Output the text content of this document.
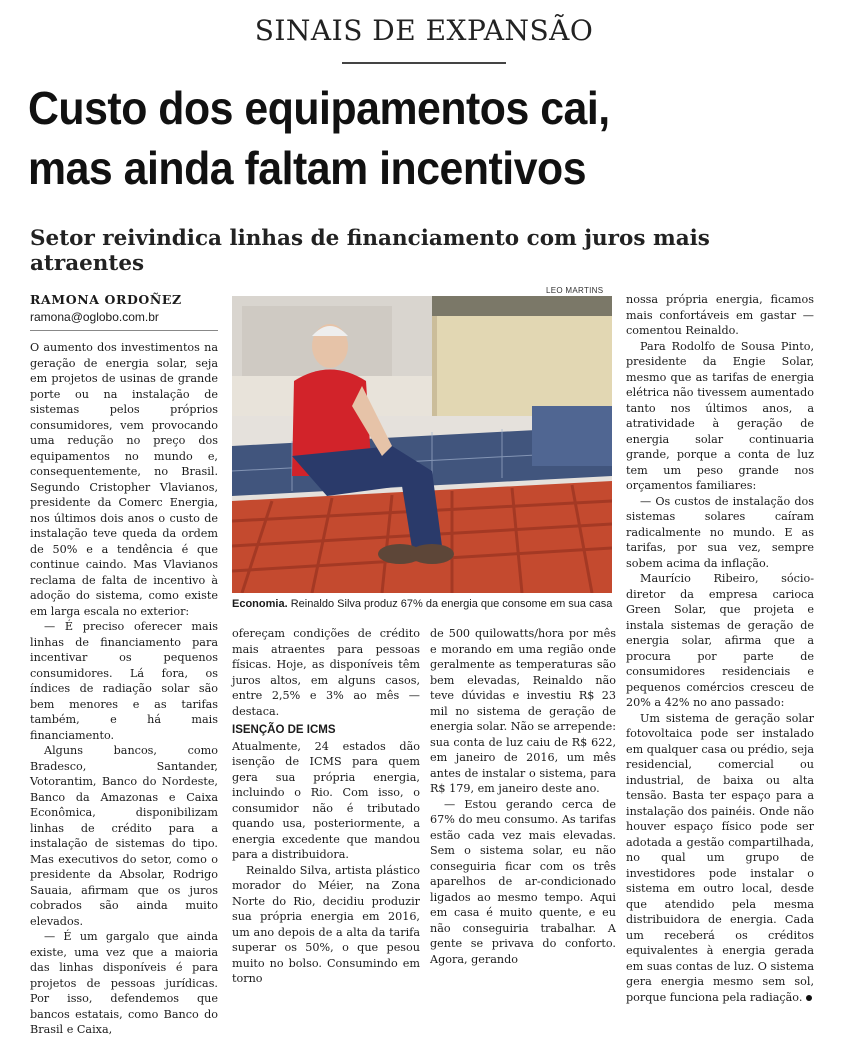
SINAIS DE EXPANSÃO
Custo dos equipamentos cai,
mas ainda faltam incentivos
Setor reivindica linhas de financiamento com juros mais atraentes
RAMONA ORDOÑEZ
ramona@oglobo.com.br

O aumento dos investimentos na geração de energia solar, seja em projetos de usinas de grande porte ou na instalação de sistemas pelos próprios consumidores, vem provocando uma redução no preço dos equipamentos no mundo e, consequentemente, no Brasil. Segundo Cristopher Vlavianos, presidente da Comerc Energia, nos últimos dois anos o custo de instalação teve queda da ordem de 50% e a tendência é que continue caindo. Mas Vlavianos reclama de falta de incentivo à adoção do sistema, como existe em larga escala no exterior:

— É preciso oferecer mais linhas de financiamento para incentivar os pequenos consumidores. Lá fora, os índices de radiação solar são bem menores e as tarifas também, e há mais financiamento.

Alguns bancos, como Bradesco, Santander, Votorantim, Banco do Nordeste, Banco da Amazonas e Caixa Econômica, disponibilizam linhas de crédito para a instalação de sistemas do tipo. Mas executivos do setor, como o presidente da Absolar, Rodrigo Sauaia, afirmam que os juros cobrados são ainda muito elevados.

— É um gargalo que ainda existe, uma vez que a maioria das linhas disponíveis é para projetos de pessoas jurídicas. Por isso, defendemos que bancos estatais, como Banco do Brasil e Caixa,

LEO MARTINS
Economia. Reinaldo Silva produz 67% da energia que consome em sua casa

ofereçam condições de crédito mais atraentes para pessoas físicas. Hoje, as disponíveis têm juros altos, em alguns casos, entre 2,5% e 3% ao mês — destaca.

ISENÇÃO DE ICMS

Atualmente, 24 estados dão isenção de ICMS para quem gera sua própria energia, incluindo o Rio. Com isso, o consumidor não é tributado quando usa, posteriormente, a energia excedente que mandou para a distribuidora.

Reinaldo Silva, artista plástico morador do Méier, na Zona Norte do Rio, decidiu produzir sua própria energia em 2016, um ano depois de a alta da tarifa superar os 50%, o que pesou muito no bolso. Consumindo em torno

de 500 quilowatts/hora por mês e morando em uma região onde geralmente as temperaturas são bem elevadas, Reinaldo não teve dúvidas e investiu R$ 23 mil no sistema de geração de energia solar. Não se arrepende: sua conta de luz caiu de R$ 622, em janeiro de 2016, um mês antes de instalar o sistema, para R$ 179, em janeiro deste ano.

— Estou gerando cerca de 67% do meu consumo. As tarifas estão cada vez mais elevadas. Sem o sistema solar, eu não conseguiria ficar com os três aparelhos de ar-condicionado ligados ao mesmo tempo. Aqui em casa é muito quente, e eu não conseguiria trabalhar. A gente se privava do conforto. Agora, gerando

nossa própria energia, ficamos mais confortáveis em gastar — comentou Reinaldo.

Para Rodolfo de Sousa Pinto, presidente da Engie Solar, mesmo que as tarifas de energia elétrica não tivessem aumentado tanto nos últimos anos, a atratividade à geração de energia solar continuaria grande, porque a conta de luz tem um peso grande nos orçamentos familiares:

— Os custos de instalação dos sistemas solares caíram radicalmente no mundo. E as tarifas, por sua vez, sempre sobem acima da inflação.

Maurício Ribeiro, sócio-diretor da empresa carioca Green Solar, que projeta e instala sistemas de geração de energia solar, afirma que a procura por parte de consumidores residenciais e pequenos comércios cresceu de 20% a 42% no ano passado:

Um sistema de geração solar fotovoltaica pode ser instalado em qualquer casa ou prédio, seja residencial, comercial ou industrial, de baixa ou alta tensão. Basta ter espaço para a instalação dos painéis. Onde não houver espaço físico pode ser adotada a gestão compartilhada, no qual um grupo de investidores pode instalar o sistema em outro local, desde que atendido pela mesma distribuidora de energia. Cada um receberá os créditos equivalentes à energia gerada em suas contas de luz. O sistema gera energia mesmo sem sol, porque funciona pela radiação.
